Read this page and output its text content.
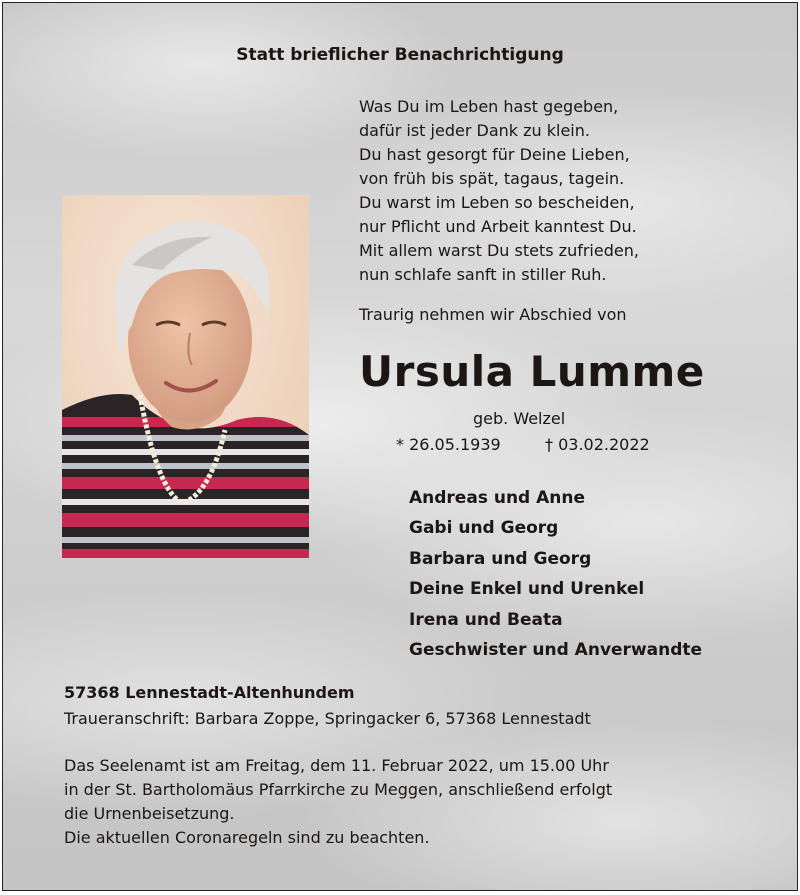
Statt brieflicher Benachrichtigung
Was Du im Leben hast gegeben,
dafür ist jeder Dank zu klein.
Du hast gesorgt für Deine Lieben,
von früh bis spät, tagaus, tagein.
Du warst im Leben so bescheiden,
nur Pflicht und Arbeit kanntest Du.
Mit allem warst Du stets zufrieden,
nun schlafe sanft in stiller Ruh.
Traurig nehmen wir Abschied von
Ursula Lumme
geb. Welzel
* 26.05.1939	† 03.02.2022
Andreas und Anne
Gabi und Georg
Barbara und Georg
Deine Enkel und Urenkel
Irena und Beata
Geschwister und Anverwandte
57368 Lennestadt-Altenhundem
Traueranschrift: Barbara Zoppe, Springacker 6, 57368 Lennestadt
Das Seelenamt ist am Freitag, dem 11. Februar 2022, um 15.00 Uhr
in der St. Bartholomäus Pfarrkirche zu Meggen, anschließend erfolgt
die Urnenbeisetzung.
Die aktuellen Coronaregeln sind zu beachten.
